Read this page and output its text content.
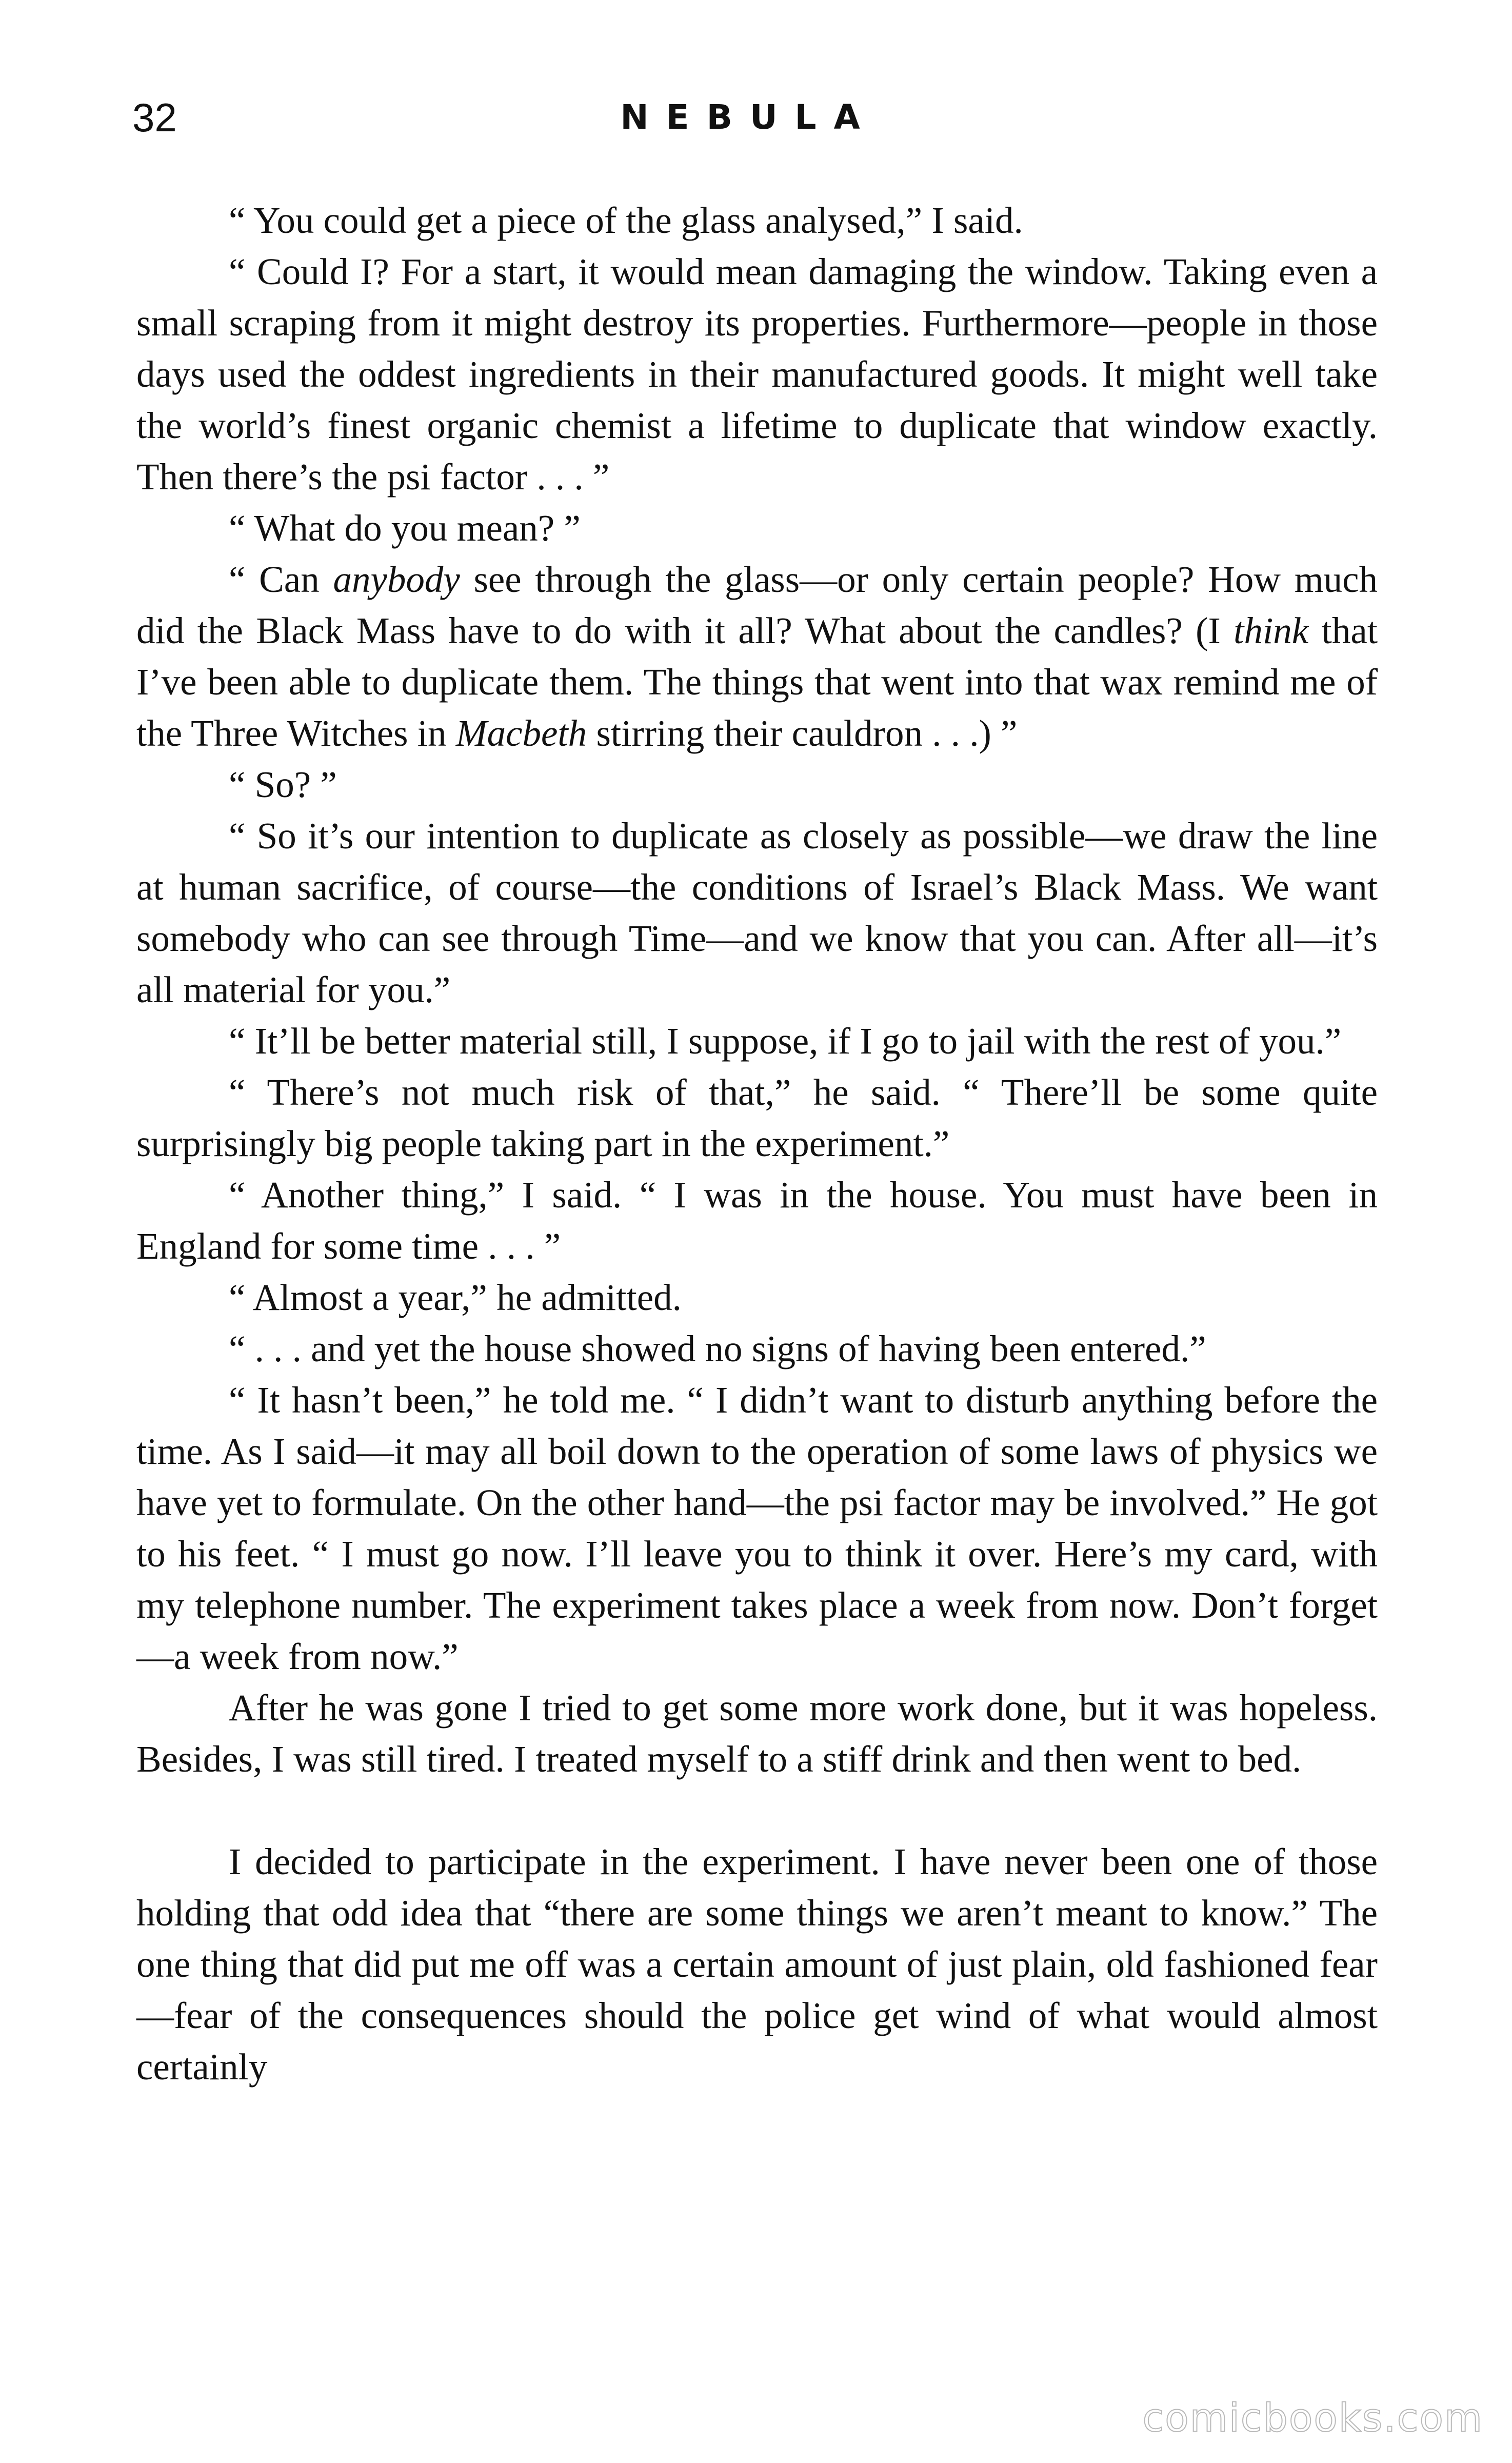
32	NEBULA

“ You could get a piece of the glass analysed,” I said.

“ Could I? For a start, it would mean damaging the window. Taking even a small scraping from it might destroy its properties. Furthermore—people in those days used the oddest ingredients in their manufactured goods. It might well take the world’s finest organic chemist a lifetime to duplicate that window exactly. Then there’s the psi factor . . . ”

“ What do you mean? ”

“ Can anybody see through the glass—or only certain people? How much did the Black Mass have to do with it all? What about the candles? (I think that I’ve been able to duplicate them. The things that went into that wax remind me of the Three Witches in Macbeth stirring their cauldron . . .) ”

“ So? ”

“ So it’s our intention to duplicate as closely as possible—we draw the line at human sacrifice, of course—the conditions of Israel’s Black Mass. We want somebody who can see through Time—and we know that you can. After all—it’s all material for you.”

“ It’ll be better material still, I suppose, if I go to jail with the rest of you.”

“ There’s not much risk of that,” he said. “ There’ll be some quite surprisingly big people taking part in the experiment.”

“ Another thing,” I said. “ I was in the house. You must have been in England for some time . . . ”

“ Almost a year,” he admitted.

“ . . . and yet the house showed no signs of having been entered.”

“ It hasn’t been,” he told me. “ I didn’t want to disturb anything before the time. As I said—it may all boil down to the operation of some laws of physics we have yet to formulate. On the other hand—the psi factor may be involved.” He got to his feet. “ I must go now. I’ll leave you to think it over. Here’s my card, with my telephone number. The experiment takes place a week from now. Don’t forget—a week from now.”

After he was gone I tried to get some more work done, but it was hopeless. Besides, I was still tired. I treated myself to a stiff drink and then went to bed.

I decided to participate in the experiment. I have never been one of those holding that odd idea that “there are some things we aren’t meant to know.” The one thing that did put me off was a certain amount of just plain, old fashioned fear—fear of the consequences should the police get wind of what would almost certainly

comicbooks.com
